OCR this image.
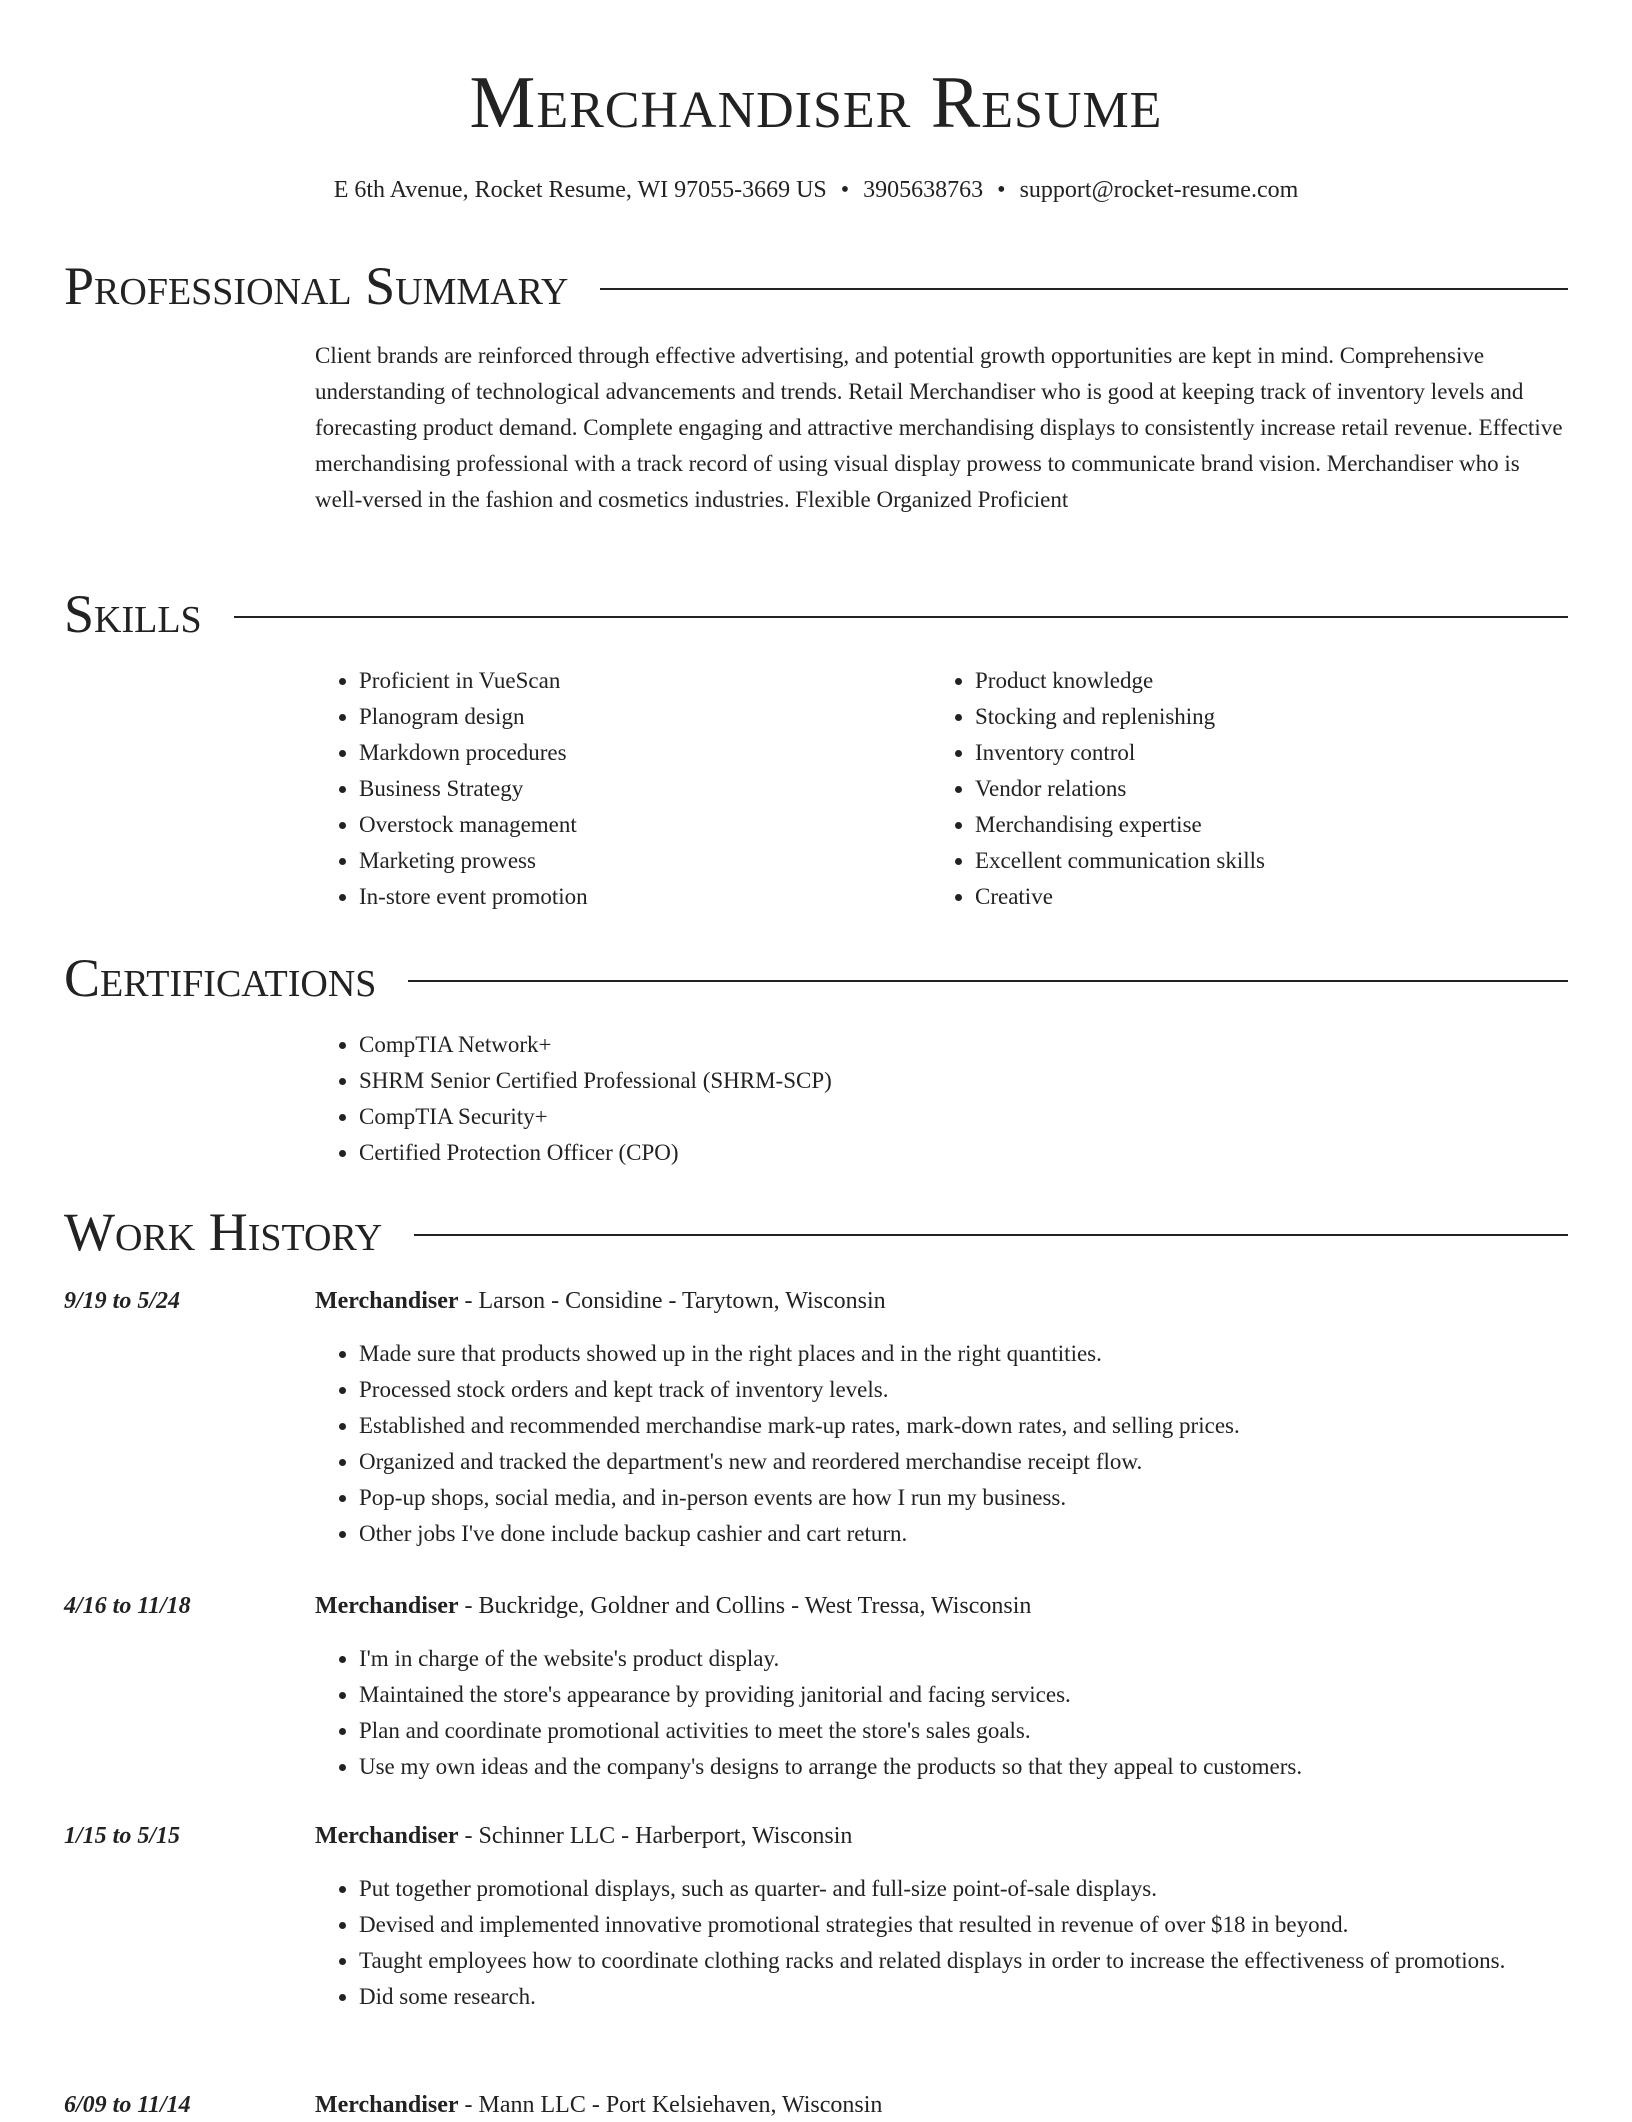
Merchandiser Resume
E 6th Avenue, Rocket Resume, WI 97055-3669 US • 3905638763 • support@rocket-resume.com
Professional Summary

Client brands are reinforced through effective advertising, and potential growth opportunities are kept in mind. Comprehensive understanding of technological advancements and trends. Retail Merchandiser who is good at keeping track of inventory levels and forecasting product demand. Complete engaging and attractive merchandising displays to consistently increase retail revenue. Effective merchandising professional with a track record of using visual display prowess to communicate brand vision. Merchandiser who is well-versed in the fashion and cosmetics industries. Flexible Organized Proficient

Skills
• Proficient in VueScan
• Planogram design
• Markdown procedures
• Business Strategy
• Overstock management
• Marketing prowess
• In-store event promotion
• Product knowledge
• Stocking and replenishing
• Inventory control
• Vendor relations
• Merchandising expertise
• Excellent communication skills
• Creative
Certifications
• CompTIA Network+
• SHRM Senior Certified Professional (SHRM-SCP)
• CompTIA Security+
• Certified Protection Officer (CPO)
Work History
9/19 to 5/24	Merchandiser - Larson - Considine - Tarytown, Wisconsin
• Made sure that products showed up in the right places and in the right quantities.
• Processed stock orders and kept track of inventory levels.
• Established and recommended merchandise mark-up rates, mark-down rates, and selling prices.
• Organized and tracked the department's new and reordered merchandise receipt flow.
• Pop-up shops, social media, and in-person events are how I run my business.
• Other jobs I've done include backup cashier and cart return.
4/16 to 11/18	Merchandiser - Buckridge, Goldner and Collins - West Tressa, Wisconsin
• I'm in charge of the website's product display.
• Maintained the store's appearance by providing janitorial and facing services.
• Plan and coordinate promotional activities to meet the store's sales goals.
• Use my own ideas and the company's designs to arrange the products so that they appeal to customers.
1/15 to 5/15	Merchandiser - Schinner LLC - Harberport, Wisconsin
• Put together promotional displays, such as quarter- and full-size point-of-sale displays.
• Devised and implemented innovative promotional strategies that resulted in revenue of over $18 in beyond.
• Taught employees how to coordinate clothing racks and related displays in order to increase the effectiveness of promotions.
• Did some research.
6/09 to 11/14	Merchandiser - Mann LLC - Port Kelsiehaven, Wisconsin
